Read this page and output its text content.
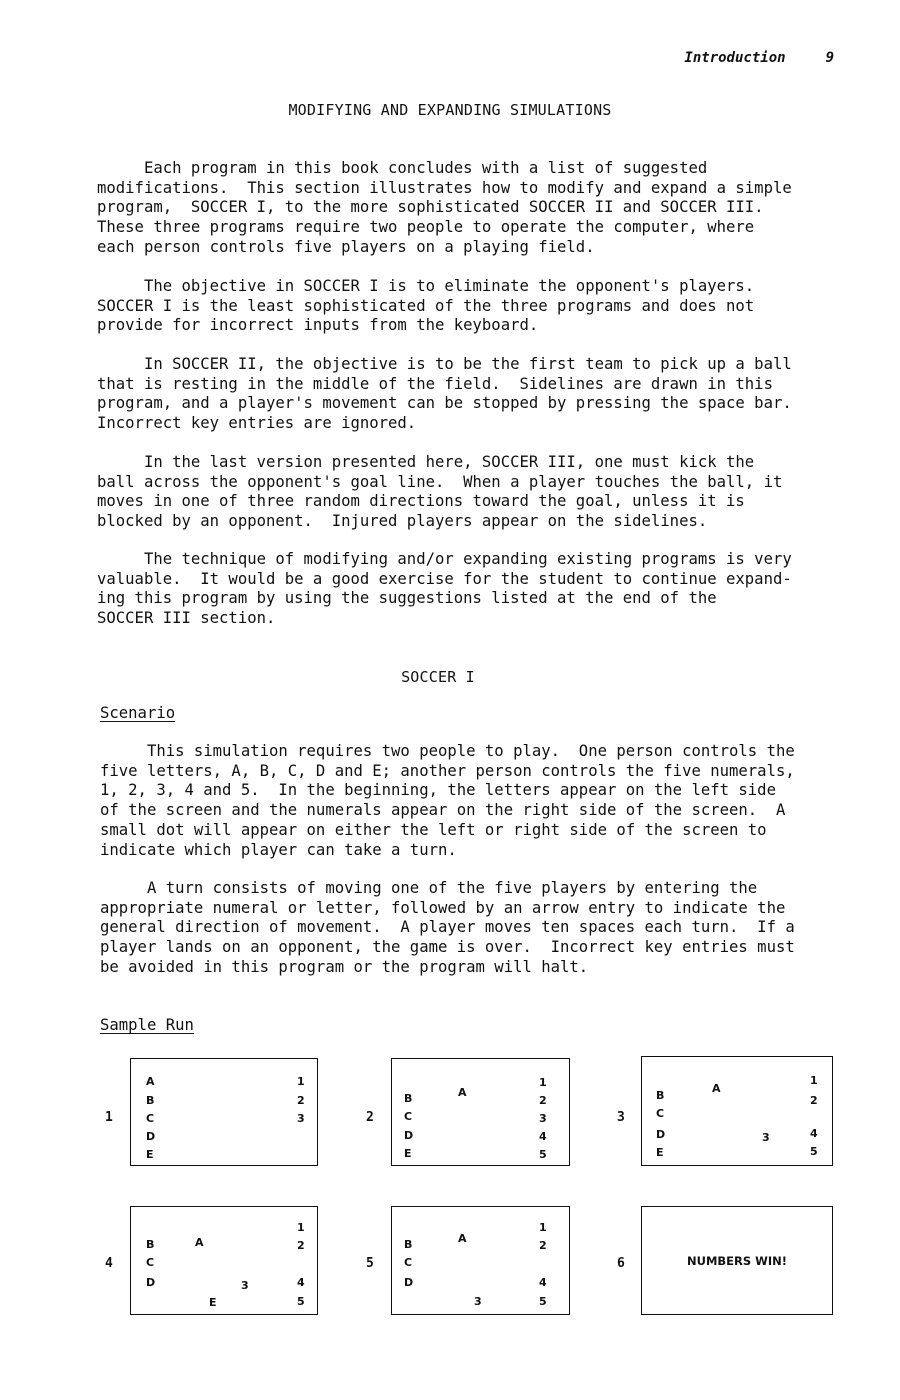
Introduction	9
MODIFYING AND EXPANDING SIMULATIONS

Each program in this book concludes with a list of suggested
modifications.  This section illustrates how to modify and expand a simple
program,  SOCCER I, to the more sophisticated SOCCER II and SOCCER III.
These three programs require two people to operate the computer, where
each person controls five players on a playing field.

The objective in SOCCER I is to eliminate the opponent's players.
SOCCER I is the least sophisticated of the three programs and does not
provide for incorrect inputs from the keyboard.

In SOCCER II, the objective is to be the first team to pick up a ball
that is resting in the middle of the field.  Sidelines are drawn in this
program, and a player's movement can be stopped by pressing the space bar.
Incorrect key entries are ignored.

In the last version presented here, SOCCER III, one must kick the
ball across the opponent's goal line.  When a player touches the ball, it
moves in one of three random directions toward the goal, unless it is
blocked by an opponent.  Injured players appear on the sidelines.

The technique of modifying and/or expanding existing programs is very
valuable.  It would be a good exercise for the student to continue expand-
ing this program by using the suggestions listed at the end of the
SOCCER III section.

SOCCER I
Scenario

This simulation requires two people to play.  One person controls the
five letters, A, B, C, D and E; another person controls the five numerals,
1, 2, 3, 4 and 5.  In the beginning, the letters appear on the left side
of the screen and the numerals appear on the right side of the screen.  A
small dot will appear on either the left or right side of the screen to
indicate which player can take a turn.

A turn consists of moving one of the five players by entering the
appropriate numeral or letter, followed by an arrow entry to indicate the
general direction of movement.  A player moves ten spaces each turn.  If a
player lands on an opponent, the game is over.  Incorrect key entries must
be avoided in this program or the program will halt.

Sample Run
1
A
B
C
D
E
1
2
3	2
A
B
C
D
E
1
2
3
4
5
3
A
B
C
D
E
1
2
3	4
5
4
A
B
C
D
E
1
2
3	4
5
5
A
B
C
D
1
2
3
4
5
6	NUMBERS WIN!
